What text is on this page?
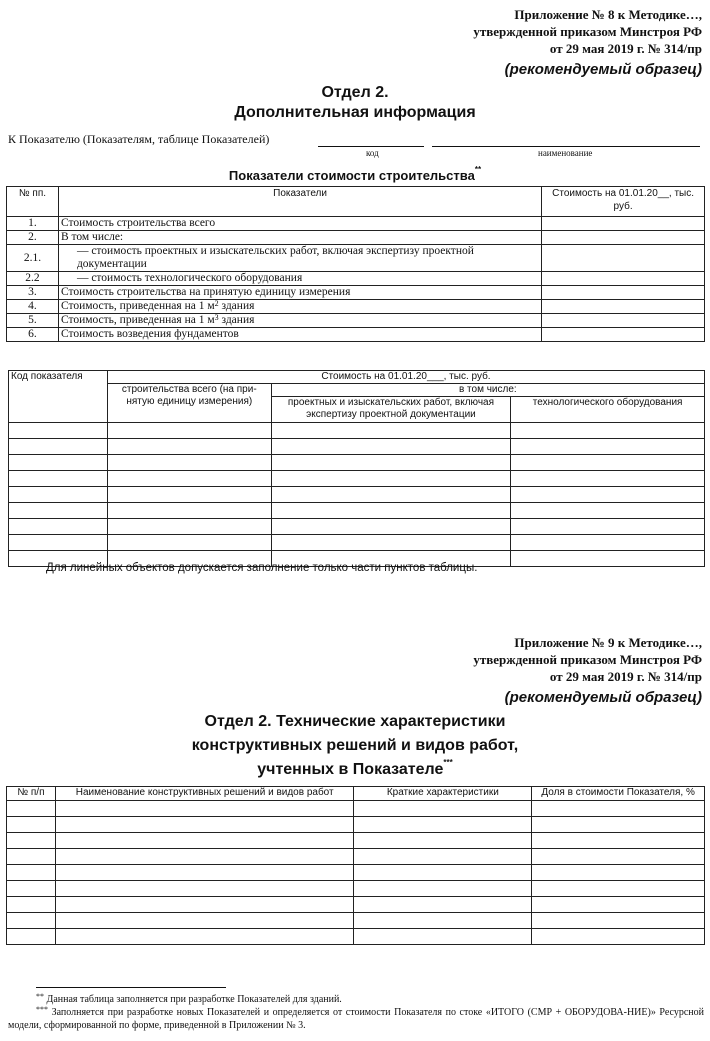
Приложение № 8 к Методике…,
утвержденной приказом Минстроя РФ
от 29 мая 2019 г. № 314/пр
(рекомендуемый образец)
Отдел 2.
Дополнительная информация
К Показателю (Показателям, таблице Показателей)
код	наименование
Показатели стоимости строительства**
№ пп.	Показатели	Стоимость на 01.01.20__, тыс. руб.
1.	Стоимость строительства всего	
2.	В том числе:	
2.1.	— стоимость проектных и изыскательских работ, включая экспертизу проектной документации	
2.2	— стоимость технологического оборудования	
3.	Стоимость строительства на принятую единицу измерения	
4.	Стоимость, приведенная на 1 $м^2$ здания	
5.	Стоимость, приведенная на 1 $м^3$ здания	
6.	Стоимость возведения фундаментов	
Код показателя	Стоимость на 01.01.20___, тыс. руб.		
	строительства всего (на при-нятую единицу измерения)	в том числе:	
		проектных и изыскательских работ, включая экспертизу проектной документации	технологического оборудования

Для линейных объектов допускается заполнение только части пунктов таблицы.
Приложение № 9 к Методике…,
утвержденной приказом Минстроя РФ
от 29 мая 2019 г. № 314/пр
(рекомендуемый образец)
Отдел 2. Технические характеристики
конструктивных решений и видов работ,
учтенных в Показателе***
№ п/п	Наименование конструктивных решений и видов работ	Краткие характеристики	Доля в стоимости Показателя, %

** Данная таблица заполняется при разработке Показателей для зданий.
*** Заполняется при разработке новых Показателей и определяется от стоимости Показателя по стоке «ИТОГО (СМР + ОБОРУДОВА-НИЕ)» Ресурсной модели, сформированной по форме, приведенной в Приложении № 3.
